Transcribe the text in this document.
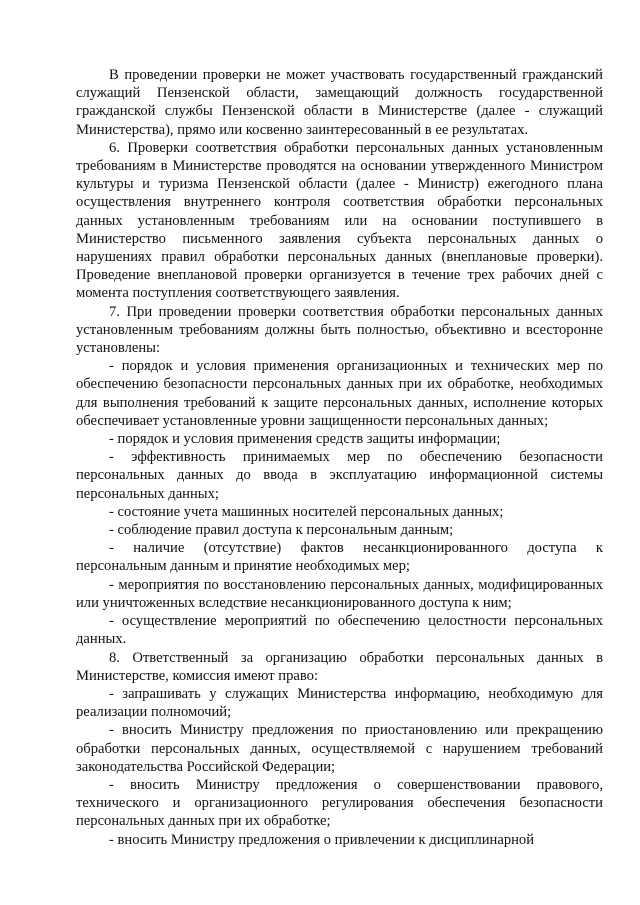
В проведении проверки не может участвовать государственный гражданский служащий Пензенской области, замещающий должность государственной гражданской службы Пензенской области в Министерстве (далее - служащий Министерства), прямо или косвенно заинтересованный в ее результатах.

6. Проверки соответствия обработки персональных данных установленным требованиям в Министерстве проводятся на основании утвержденного Министром культуры и туризма Пензенской области (далее - Министр) ежегодного плана осуществления внутреннего контроля соответствия обработки персональных данных установленным требованиям или на основании поступившего в Министерство письменного заявления субъекта персональных данных о нарушениях правил обработки персональных данных (внеплановые проверки). Проведение внеплановой проверки организуется в течение трех рабочих дней с момента поступления соответствующего заявления.

7. При проведении проверки соответствия обработки персональных данных установленным требованиям должны быть полностью, объективно и всесторонне установлены:

- порядок и условия применения организационных и технических мер по обеспечению безопасности персональных данных при их обработке, необходимых для выполнения требований к защите персональных данных, исполнение которых обеспечивает установленные уровни защищенности персональных данных;

- порядок и условия применения средств защиты информации;

- эффективность принимаемых мер по обеспечению безопасности персональных данных до ввода в эксплуатацию информационной системы персональных данных;

- состояние учета машинных носителей персональных данных;

- соблюдение правил доступа к персональным данным;

- наличие (отсутствие) фактов несанкционированного доступа к персональным данным и принятие необходимых мер;

- мероприятия по восстановлению персональных данных, модифицированных или уничтоженных вследствие несанкционированного доступа к ним;

- осуществление мероприятий по обеспечению целостности персональных данных.

8. Ответственный за организацию обработки персональных данных в Министерстве, комиссия имеют право:

- запрашивать у служащих Министерства информацию, необходимую для реализации полномочий;

- вносить Министру предложения по приостановлению или прекращению обработки персональных данных, осуществляемой с нарушением требований законодательства Российской Федерации;

- вносить Министру предложения о совершенствовании правового, технического и организационного регулирования обеспечения безопасности персональных данных при их обработке;

- вносить Министру предложения о привлечении к дисциплинарной
